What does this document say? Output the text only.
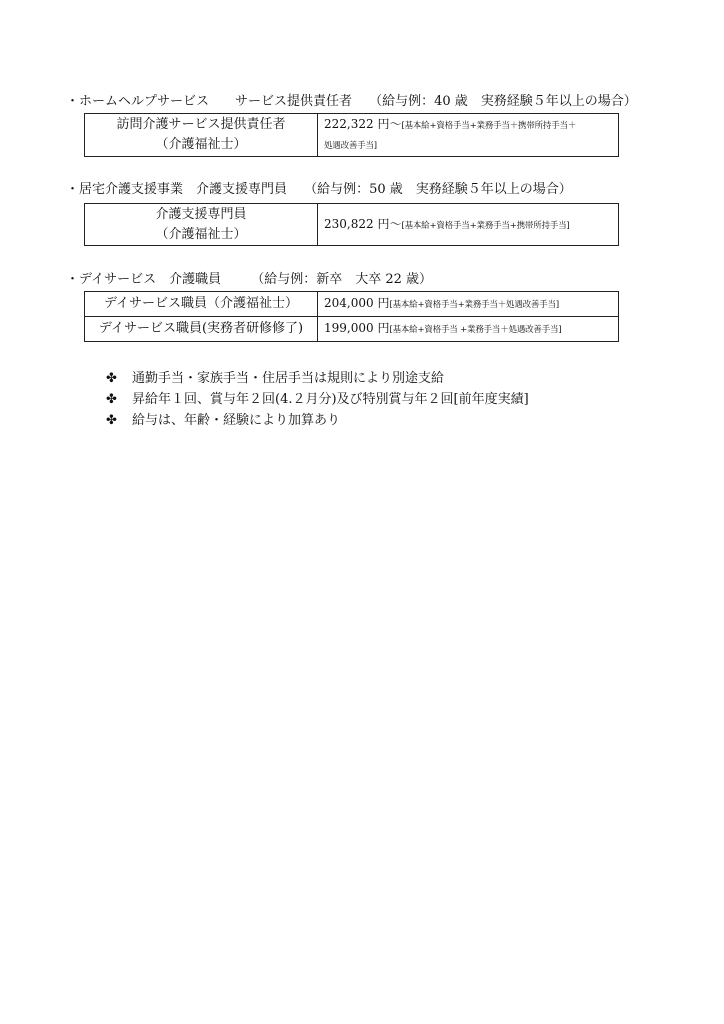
・ホームヘルプサービス　　サービス提供責任者　 （給与例：40 歳　実務経験５年以上の場合）
訪問介護サービス提供責任者
（介護福祉士）
	222,322 円～[基本給+資格手当+業務手当＋携帯所持手当＋
処遇改善手当]
・居宅介護支援事業　介護支援専門員　 （給与例：50 歳　実務経験５年以上の場合）
介護支援専門員
（介護福祉士）
	230,822 円～[基本給+資格手当+業務手当+携帯所持手当]
・デイサービス　介護職員　　 （給与例：新卒　大卒 22 歳）
デイサービス職員（介護福祉士）	204,000 円[基本給+資格手当+業務手当＋処遇改善手当]

デイサービス職員(実務者研修修了)	199,000 円[基本給+資格手当 +業務手当＋処遇改善手当]
✤ 通勤手当・家族手当・住居手当は規則により別途支給
✤ 昇給年１回、賞与年２回(4.２月分)及び特別賞与年２回[前年度実績]
✤ 給与は、年齢・経験により加算あり
